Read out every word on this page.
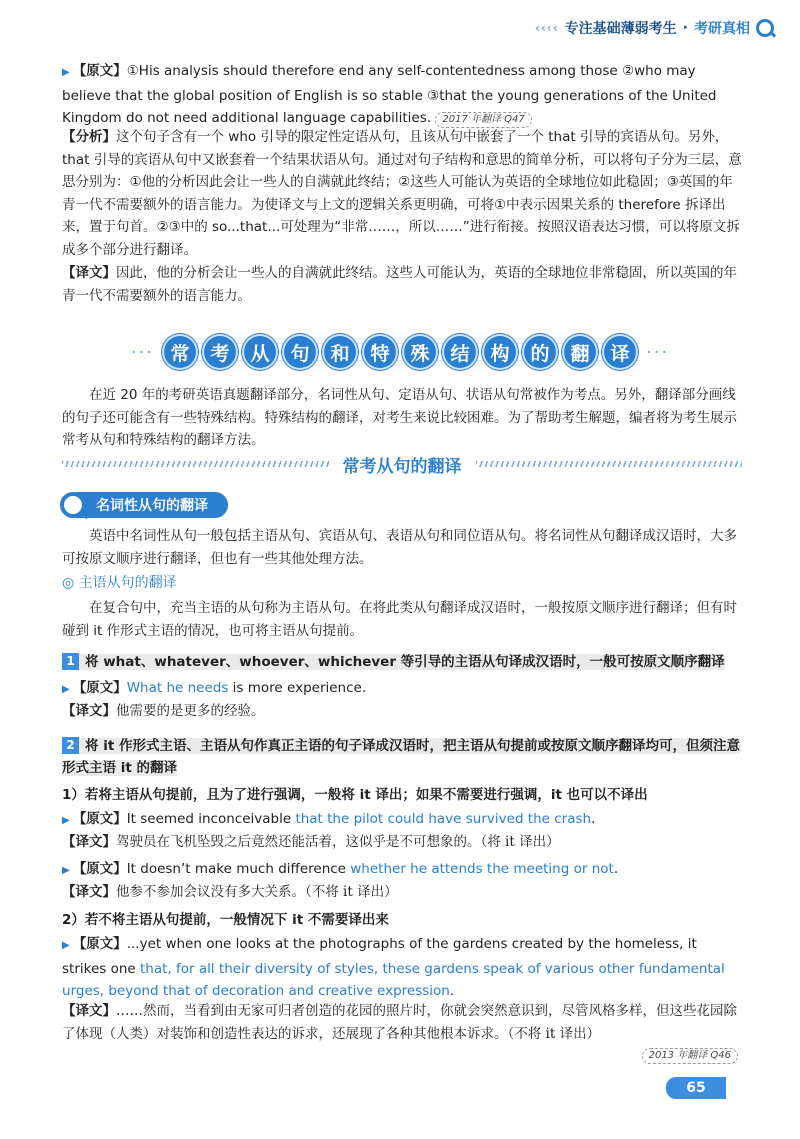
‹‹‹‹ 专注基础薄弱考生 · 考研真相
▶ 【原文】①His analysis should therefore end any self-contentedness among those ②who may believe that the global position of English is so stable ③that the young generations of the United Kingdom do not need additional language capabilities. 2017 年翻译 Q47
【分析】这个句子含有一个 who 引导的限定性定语从句，且该从句中嵌套了一个 that 引导的宾语从句。另外，that 引导的宾语从句中又嵌套着一个结果状语从句。通过对句子结构和意思的简单分析，可以将句子分为三层，意思分别为：①他的分析因此会让一些人的自满就此终结；②这些人可能认为英语的全球地位如此稳固；③英国的年青一代不需要额外的语言能力。为使译文与上文的逻辑关系更明确，可将①中表示因果关系的 therefore 拆译出来，置于句首。②③中的 so...that...可处理为“非常……，所以……”进行衔接。按照汉语表达习惯，可以将原文拆成多个部分进行翻译。
【译文】因此，他的分析会让一些人的自满就此终结。这些人可能认为，英语的全球地位非常稳固，所以英国的年青一代不需要额外的语言能力。
··· 常	考	从	句	和	特	殊	结	构	的	翻	译 ···
在近 20 年的考研英语真题翻译部分，名词性从句、定语从句、状语从句常被作为考点。另外，翻译部分画线的句子还可能含有一些特殊结构。特殊结构的翻译，对考生来说比较困难。为了帮助考生解题，编者将为考生展示常考从句和特殊结构的翻译方法。
常考从句的翻译
名词性从句的翻译
英语中名词性从句一般包括主语从句、宾语从句、表语从句和同位语从句。将名词性从句翻译成汉语时，大多可按原文顺序进行翻译，但也有一些其他处理方法。
◎ 主语从句的翻译
在复合句中，充当主语的从句称为主语从句。在将此类从句翻译成汉语时，一般按原文顺序进行翻译；但有时碰到 it 作形式主语的情况，也可将主语从句提前。
1 将 what、whatever、whoever、whichever 等引导的主语从句译成汉语时，一般可按原文顺序翻译
▶ 【原文】What he needs is more experience.
【译文】他需要的是更多的经验。
2 将 it 作形式主语、主语从句作真正主语的句子译成汉语时，把主语从句提前或按原文顺序翻译均可，但须注意形式主语 it 的翻译
1）若将主语从句提前，且为了进行强调，一般将 it 译出；如果不需要进行强调，it 也可以不译出
▶ 【原文】It seemed inconceivable that the pilot could have survived the crash.
【译文】驾驶员在飞机坠毁之后竟然还能活着，这似乎是不可想象的。（将 it 译出）
▶ 【原文】It doesn’t make much difference whether he attends the meeting or not.
【译文】他参不参加会议没有多大关系。（不将 it 译出）
2）若不将主语从句提前，一般情况下 it 不需要译出来
▶ 【原文】...yet when one looks at the photographs of the gardens created by the homeless, it strikes one that, for all their diversity of styles, these gardens speak of various other fundamental urges, beyond that of decoration and creative expression.
【译文】……然而，当看到由无家可归者创造的花园的照片时，你就会突然意识到，尽管风格多样，但这些花园除了体现（人类）对装饰和创造性表达的诉求，还展现了各种其他根本诉求。（不将 it 译出）
2013 年翻译 Q46
65
